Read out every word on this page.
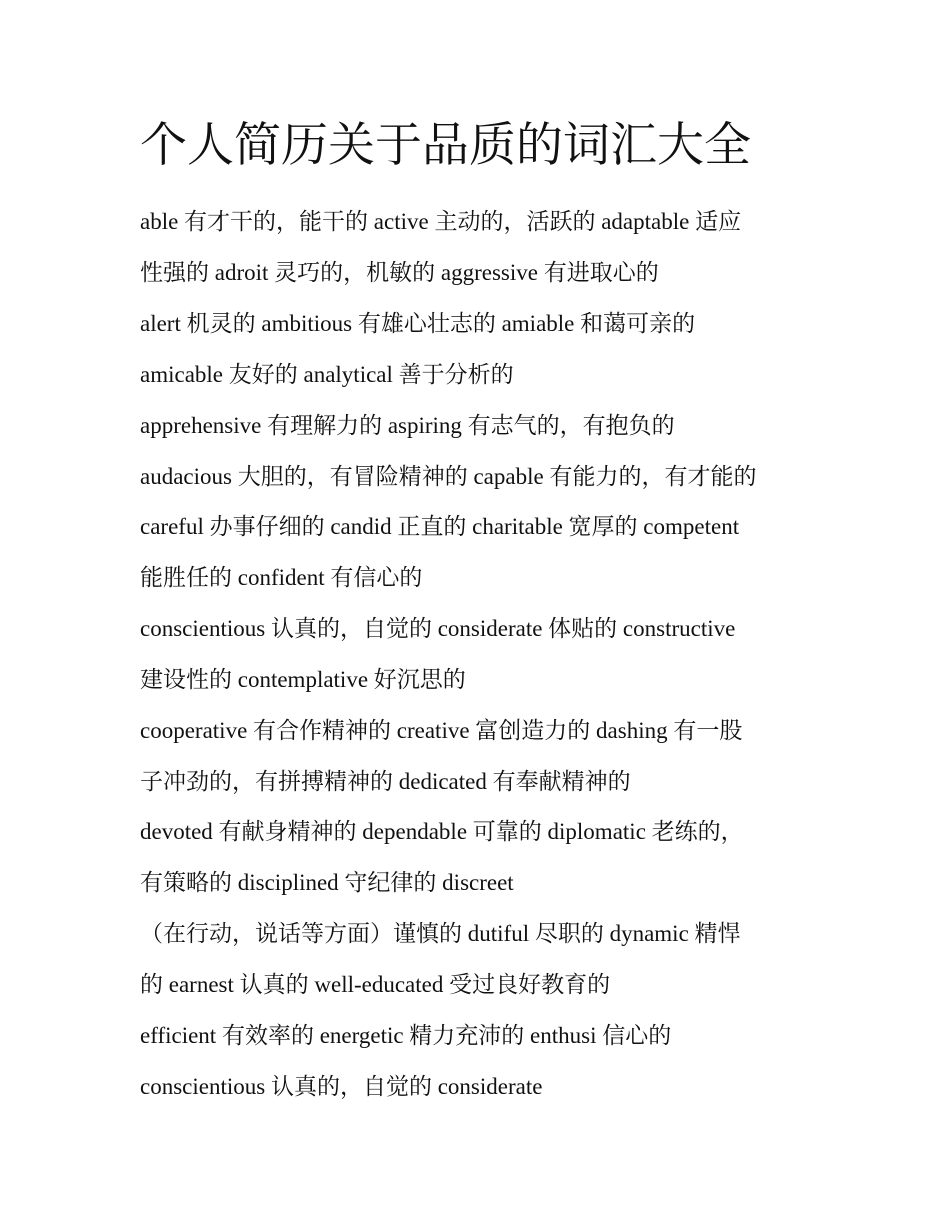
个人简历关于品质的词汇大全

able 有才干的，能干的 active 主动的，活跃的 adaptable 适应

性强的 adroit 灵巧的，机敏的 aggressive 有进取心的

alert 机灵的 ambitious 有雄心壮志的 amiable 和蔼可亲的

amicable 友好的 analytical 善于分析的

apprehensive 有理解力的 aspiring 有志气的，有抱负的

audacious 大胆的，有冒险精神的 capable 有能力的，有才能的

careful 办事仔细的 candid 正直的 charitable 宽厚的 competent

能胜任的 confident 有信心的

conscientious 认真的，自觉的 considerate 体贴的 constructive

建设性的 contemplative 好沉思的

cooperative 有合作精神的 creative 富创造力的 dashing 有一股

子冲劲的，有拼搏精神的 dedicated 有奉献精神的

devoted 有献身精神的 dependable 可靠的 diplomatic 老练的，

有策略的 disciplined 守纪律的 discreet

（在行动，说话等方面）谨慎的 dutiful 尽职的 dynamic 精悍

的 earnest 认真的 well-educated 受过良好教育的

efficient 有效率的 energetic 精力充沛的 enthusi 信心的

conscientious 认真的，自觉的 considerate
